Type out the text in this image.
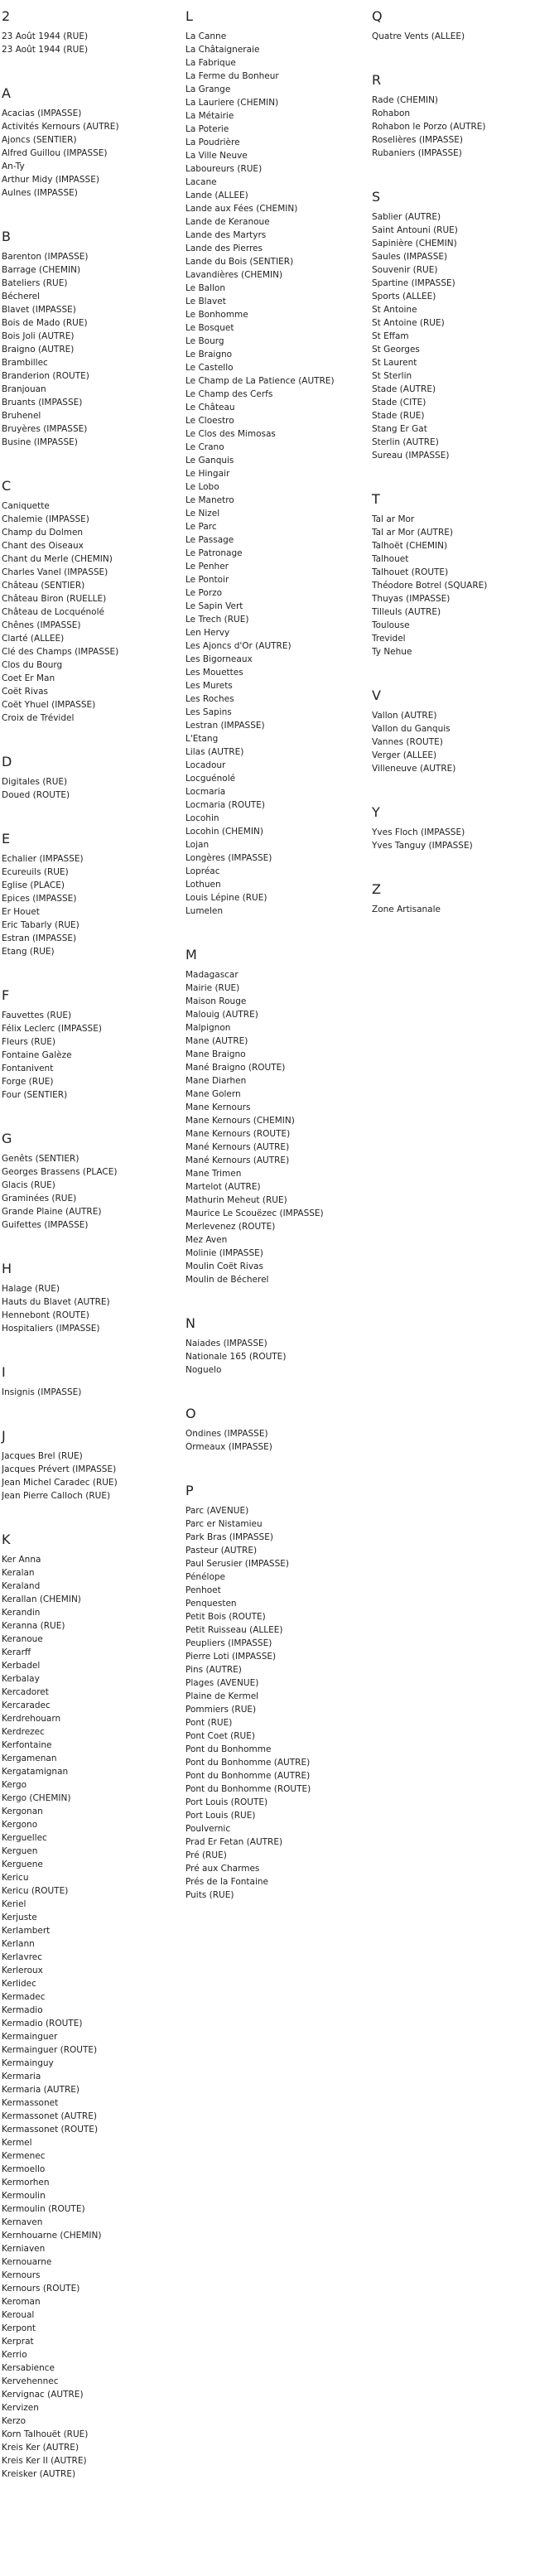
2
23 Août 1944 (RUE)
23 Août 1944 (RUE)
A
Acacias (IMPASSE)
Activités Kernours (AUTRE)
Ajoncs (SENTIER)
Alfred Guillou (IMPASSE)
An-Ty
Arthur Midy (IMPASSE)
Aulnes (IMPASSE)
B
Barenton (IMPASSE)
Barrage (CHEMIN)
Bateliers (RUE)
Bécherel
Blavet (IMPASSE)
Bois de Mado (RUE)
Bois Joli (AUTRE)
Braigno (AUTRE)
Brambillec
Branderion (ROUTE)
Branjouan
Bruants (IMPASSE)
Bruhenel
Bruyères (IMPASSE)
Busine (IMPASSE)
C
Caniquette
Chalemie (IMPASSE)
Champ du Dolmen
Chant des Oiseaux
Chant du Merle (CHEMIN)
Charles Vanel (IMPASSE)
Château (SENTIER)
Château Biron (RUELLE)
Château de Locquénolé
Chênes (IMPASSE)
Clarté (ALLEE)
Clé des Champs (IMPASSE)
Clos du Bourg
Coet Er Man
Coët Rivas
Coët Yhuel (IMPASSE)
Croix de Trévidel
D
Digitales (RUE)
Doued (ROUTE)
E
Echalier (IMPASSE)
Ecureuils (RUE)
Eglise (PLACE)
Epices (IMPASSE)
Er Houet
Eric Tabarly (RUE)
Estran (IMPASSE)
Etang (RUE)
F
Fauvettes (RUE)
Félix Leclerc (IMPASSE)
Fleurs (RUE)
Fontaine Galèze
Fontanivent
Forge (RUE)
Four (SENTIER)
G
Genêts (SENTIER)
Georges Brassens (PLACE)
Glacis (RUE)
Graminées (RUE)
Grande Plaine (AUTRE)
Guifettes (IMPASSE)
H
Halage (RUE)
Hauts du Blavet (AUTRE)
Hennebont (ROUTE)
Hospitaliers (IMPASSE)
I
Insignis (IMPASSE)
J
Jacques Brel (RUE)
Jacques Prévert (IMPASSE)
Jean Michel Caradec (RUE)
Jean Pierre Calloch (RUE)
K
Ker Anna
Keralan
Keraland
Kerallan (CHEMIN)
Kerandin
Keranna (RUE)
Keranoue
Kerarff
Kerbadel
Kerbalay
Kercadoret
Kercaradec
Kerdrehouarn
Kerdrezec
Kerfontaine
Kergamenan
Kergatamignan
Kergo
Kergo (CHEMIN)
Kergonan
Kergono
Kerguellec
Kerguen
Kerguene
Kericu
Kericu (ROUTE)
Keriel
Kerjuste
Kerlambert
Kerlann
Kerlavrec
Kerleroux
Kerlidec
Kermadec
Kermadio
Kermadio (ROUTE)
Kermainguer
Kermainguer (ROUTE)
Kermainguy
Kermaria
Kermaria (AUTRE)
Kermassonet
Kermassonet (AUTRE)
Kermassonet (ROUTE)
Kermel
Kermenec
Kermoello
Kermorhen
Kermoulin
Kermoulin (ROUTE)
Kernaven
Kernhouarne (CHEMIN)
Kerniaven
Kernouarne
Kernours
Kernours (ROUTE)
Keroman
Keroual
Kerpont
Kerprat
Kerrio
Kersabience
Kervehennec
Kervignac (AUTRE)
Kervizen
Kerzo
Korn Talhouët (RUE)
Kreis Ker (AUTRE)
Kreis Ker II (AUTRE)
Kreisker (AUTRE)
L
La Canne
La Châtaigneraie
La Fabrique
La Ferme du Bonheur
La Grange
La Lauriere (CHEMIN)
La Métairie
La Poterie
La Poudrière
La Ville Neuve
Laboureurs (RUE)
Lacane
Lande (ALLEE)
Lande aux Fées (CHEMIN)
Lande de Keranoue
Lande des Martyrs
Lande des Pierres
Lande du Bois (SENTIER)
Lavandières (CHEMIN)
Le Ballon
Le Blavet
Le Bonhomme
Le Bosquet
Le Bourg
Le Braigno
Le Castello
Le Champ de La Patience (AUTRE)
Le Champ des Cerfs
Le Château
Le Cloestro
Le Clos des Mimosas
Le Crano
Le Ganquis
Le Hingair
Le Lobo
Le Manetro
Le Nizel
Le Parc
Le Passage
Le Patronage
Le Penher
Le Pontoir
Le Porzo
Le Sapin Vert
Le Trech (RUE)
Len Hervy
Les Ajoncs d'Or (AUTRE)
Les Bigorneaux
Les Mouettes
Les Murets
Les Roches
Les Sapins
Lestran (IMPASSE)
L'Etang
Lilas (AUTRE)
Locadour
Locguénolé
Locmaria
Locmaria (ROUTE)
Locohin
Locohin (CHEMIN)
Lojan
Longères (IMPASSE)
Lopréac
Lothuen
Louis Lépine (RUE)
Lumelen
M
Madagascar
Mairie (RUE)
Maison Rouge
Malouig (AUTRE)
Malpignon
Mane (AUTRE)
Mane Braigno
Mané Braigno (ROUTE)
Mane Diarhen
Mane Golern
Mane Kernours
Mane Kernours (CHEMIN)
Mane Kernours (ROUTE)
Mané Kernours (AUTRE)
Mané Kernours (AUTRE)
Mane Trimen
Martelot (AUTRE)
Mathurin Meheut (RUE)
Maurice Le Scouëzec (IMPASSE)
Merlevenez (ROUTE)
Mez Aven
Molinie (IMPASSE)
Moulin Coët Rivas
Moulin de Bécherel
N
Naiades (IMPASSE)
Nationale 165 (ROUTE)
Noguelo
O
Ondines (IMPASSE)
Ormeaux (IMPASSE)
P
Parc (AVENUE)
Parc er Nistamieu
Park Bras (IMPASSE)
Pasteur (AUTRE)
Paul Serusier (IMPASSE)
Pénélope
Penhoet
Penquesten
Petit Bois (ROUTE)
Petit Ruisseau (ALLEE)
Peupliers (IMPASSE)
Pierre Loti (IMPASSE)
Pins (AUTRE)
Plages (AVENUE)
Plaine de Kermel
Pommiers (RUE)
Pont (RUE)
Pont Coet (RUE)
Pont du Bonhomme
Pont du Bonhomme (AUTRE)
Pont du Bonhomme (AUTRE)
Pont du Bonhomme (ROUTE)
Port Louis (ROUTE)
Port Louis (RUE)
Poulvernic
Prad Er Fetan (AUTRE)
Pré (RUE)
Pré aux Charmes
Prés de la Fontaine
Puits (RUE)
Q
Quatre Vents (ALLEE)
R
Rade (CHEMIN)
Rohabon
Rohabon le Porzo (AUTRE)
Roselières (IMPASSE)
Rubaniers (IMPASSE)
S
Sablier (AUTRE)
Saint Antouni (RUE)
Sapinière (CHEMIN)
Saules (IMPASSE)
Souvenir (RUE)
Spartine (IMPASSE)
Sports (ALLEE)
St Antoine
St Antoine (RUE)
St Effam
St Georges
St Laurent
St Sterlin
Stade (AUTRE)
Stade (CITE)
Stade (RUE)
Stang Er Gat
Sterlin (AUTRE)
Sureau (IMPASSE)
T
Tal ar Mor
Tal ar Mor (AUTRE)
Talhoët (CHEMIN)
Talhouet
Talhouet (ROUTE)
Théodore Botrel (SQUARE)
Thuyas (IMPASSE)
Tilleuls (AUTRE)
Toulouse
Trevidel
Ty Nehue
V
Vallon (AUTRE)
Vallon du Ganquis
Vannes (ROUTE)
Verger (ALLEE)
Villeneuve (AUTRE)
Y
Yves Floch (IMPASSE)
Yves Tanguy (IMPASSE)
Z
Zone Artisanale
